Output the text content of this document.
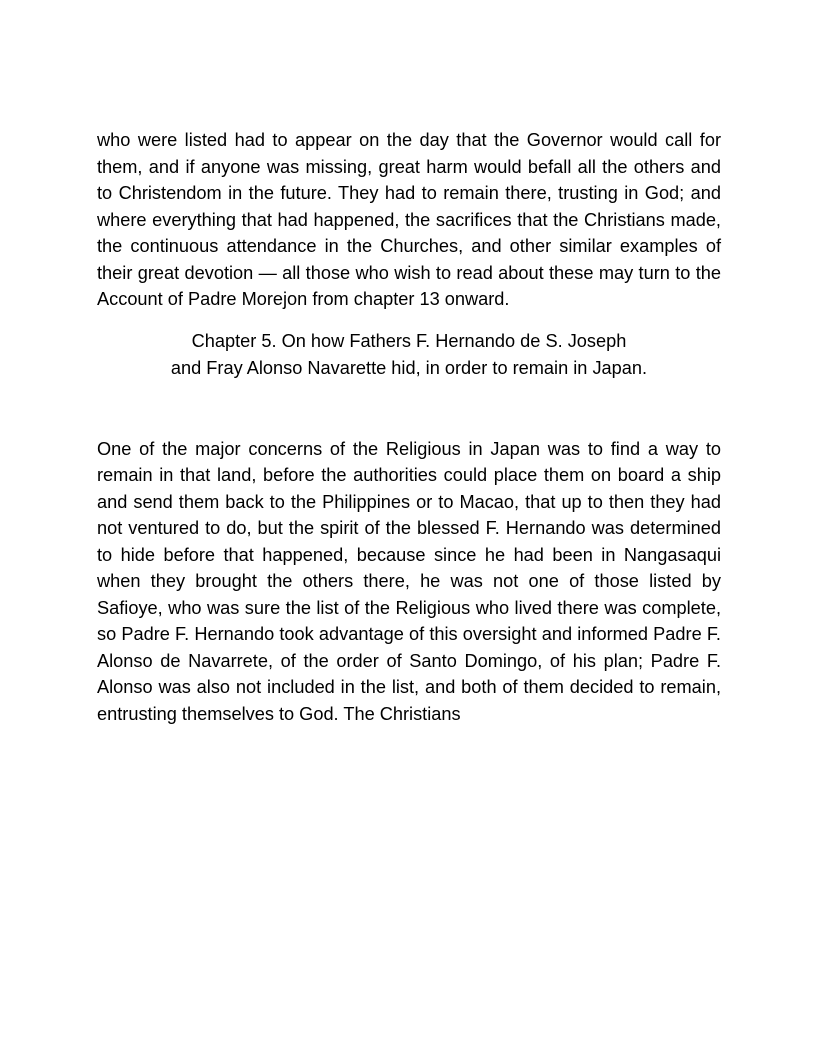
who were listed had to appear on the day that the Governor would call for them, and if anyone was missing, great harm would befall all the others and to Christendom in the future. They had to remain there, trusting in God; and where everything that had happened, the sacrifices that the Christians made, the continuous attendance in the Churches, and other similar examples of their great devotion — all those who wish to read about these may turn to the Account of Padre Morejon from chapter 13 onward.

Chapter 5. On how Fathers F. Hernando de S. Joseph

and Fray Alonso Navarette hid, in order to remain in Japan.

One of the major concerns of the Religious in Japan was to find a way to remain in that land, before the authorities could place them on board a ship and send them back to the Philippines or to Macao, that up to then they had not ventured to do, but the spirit of the blessed F. Hernando was determined to hide before that happened, because since he had been in Nangasaqui when they brought the others there, he was not one of those listed by Safioye, who was sure the list of the Religious who lived there was complete, so Padre F. Hernando took advantage of this oversight and informed Padre F. Alonso de Navarrete, of the order of Santo Domingo, of his plan; Padre F. Alonso was also not included in the list, and both of them decided to remain, entrusting themselves to God. The Christians
